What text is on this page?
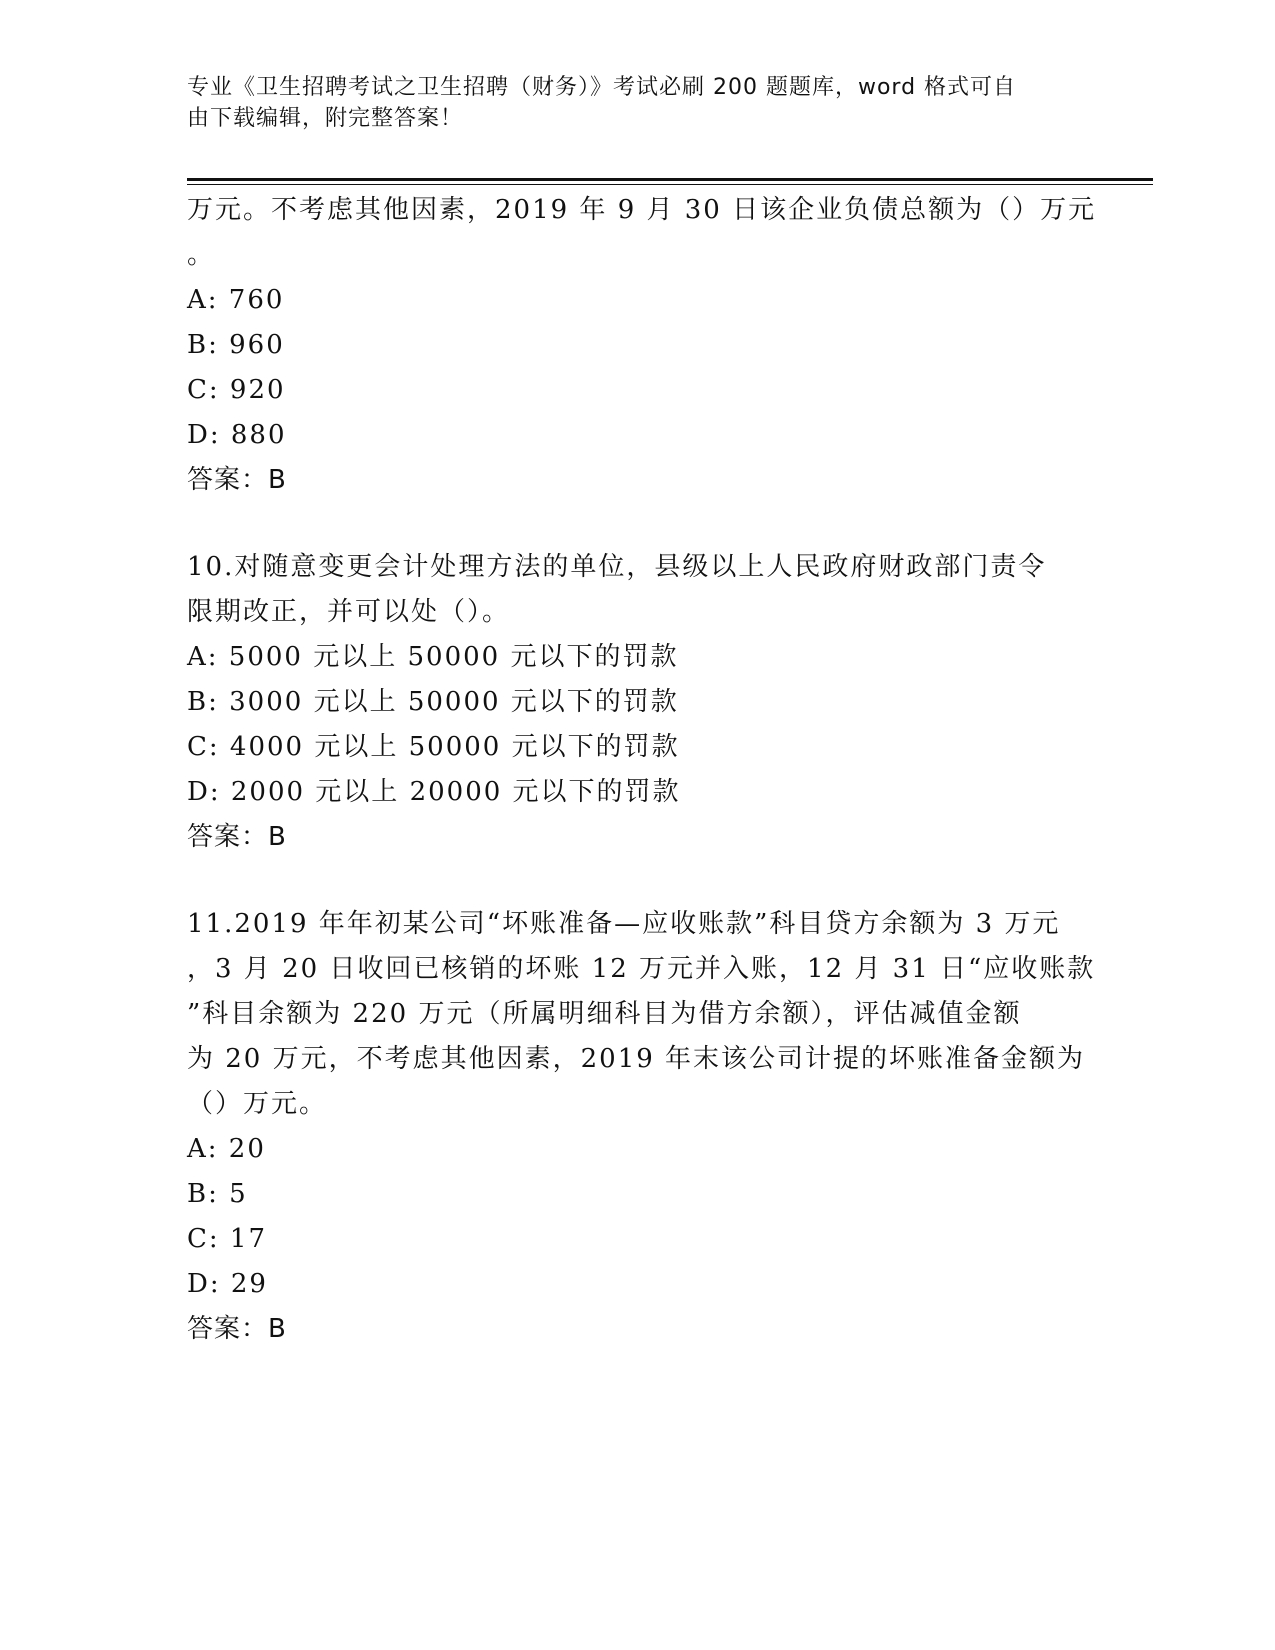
专业《卫生招聘考试之卫生招聘（财务）》考试必刷 200 题题库，word 格式可自
由下载编辑，附完整答案！
万元。不考虑其他因素，2019 年 9 月 30 日该企业负债总额为（）万元
。
A: 760
B: 960
C: 920
D: 880
答案：B
10.对随意变更会计处理方法的单位，县级以上人民政府财政部门责令
限期改正，并可以处（）。
A: 5000 元以上 50000 元以下的罚款
B: 3000 元以上 50000 元以下的罚款
C: 4000 元以上 50000 元以下的罚款
D: 2000 元以上 20000 元以下的罚款
答案：B
11.2019 年年初某公司“坏账准备—应收账款”科目贷方余额为 3 万元
，3 月 20 日收回已核销的坏账 12 万元并入账，12 月 31 日“应收账款
”科目余额为 220 万元（所属明细科目为借方余额），评估减值金额
为 20 万元，不考虑其他因素，2019 年末该公司计提的坏账准备金额为
（）万元。
A: 20
B: 5
C: 17
D: 29
答案：B
